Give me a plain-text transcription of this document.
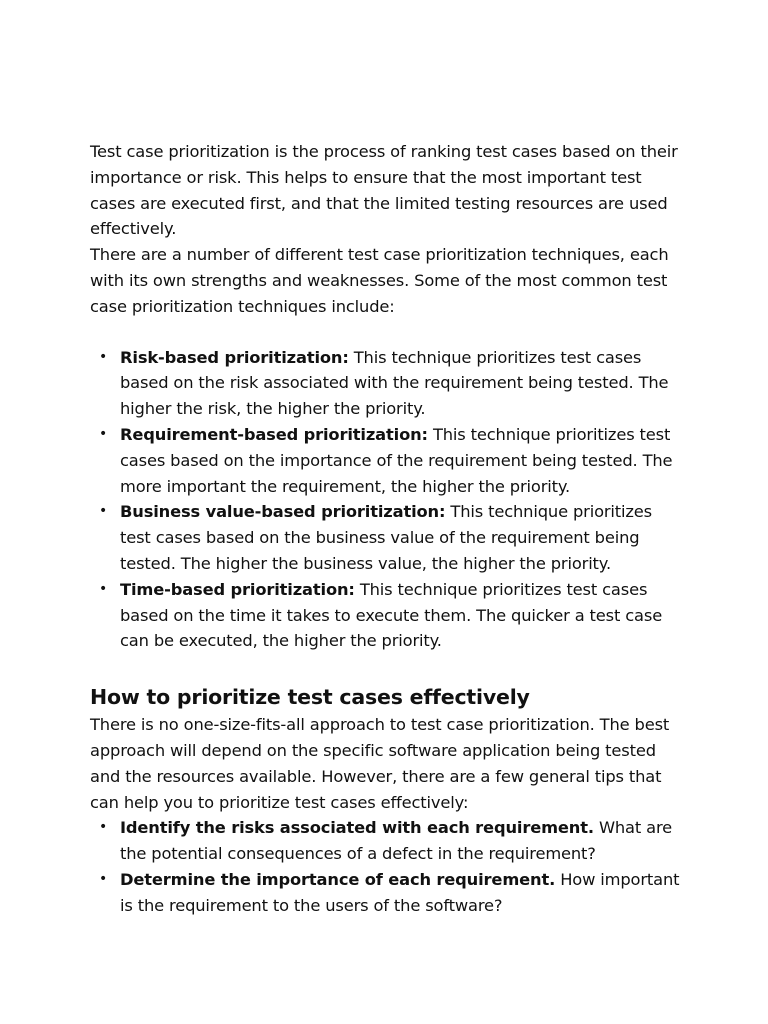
Test case prioritization is the process of ranking test cases based on their importance or risk. This helps to ensure that the most important test cases are executed first, and that the limited testing resources are used effectively.

There are a number of different test case prioritization techniques, each with its own strengths and weaknesses. Some of the most common test case prioritization techniques include:

• Risk-based prioritization: This technique prioritizes test cases based on the risk associated with the requirement being tested. The higher the risk, the higher the priority.
• Requirement-based prioritization: This technique prioritizes test cases based on the importance of the requirement being tested. The more important the requirement, the higher the priority.
• Business value-based prioritization: This technique prioritizes test cases based on the business value of the requirement being tested. The higher the business value, the higher the priority.
• Time-based prioritization: This technique prioritizes test cases based on the time it takes to execute them. The quicker a test case can be executed, the higher the priority.
How to prioritize test cases effectively

There is no one-size-fits-all approach to test case prioritization. The best approach will depend on the specific software application being tested and the resources available. However, there are a few general tips that can help you to prioritize test cases effectively:

• Identify the risks associated with each requirement. What are the potential consequences of a defect in the requirement?
• Determine the importance of each requirement. How important is the requirement to the users of the software?
